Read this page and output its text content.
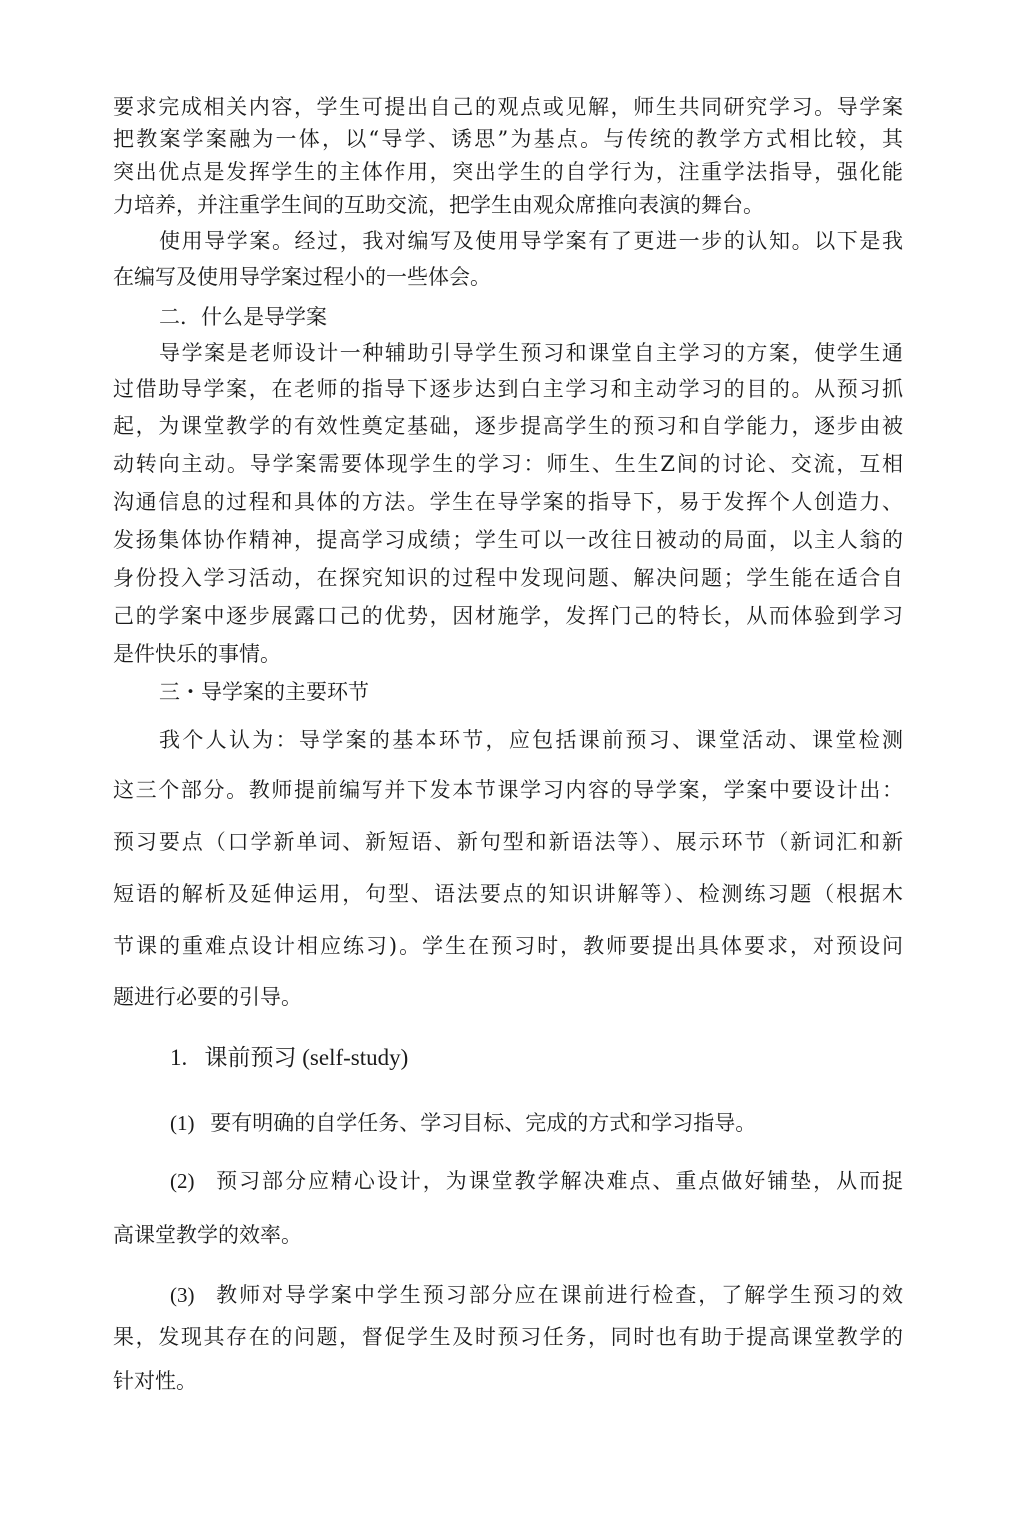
要求完成相关内容，学生可提出自己的观点或见解，师生共同研究学习。导学案
把教案学案融为一体，以“导学、诱思”为基点。与传统的教学方式相比较，其
突出优点是发挥学生的主体作用，突出学生的自学行为，注重学法指导，强化能
力培养，并注重学生间的互助交流，把学生由观众席推向表演的舞台。
使用导学案。经过，我对编写及使用导学案有了更进一步的认知。以下是我
在编写及使用导学案过程小的一些体会。
二．什么是导学案
导学案是老师设计一种辅助引导学生预习和课堂自主学习的方案，使学生通
过借助导学案，在老师的指导下逐步达到白主学习和主动学习的目的。从预习抓
起，为课堂教学的有效性奠定基础，逐步提高学生的预习和自学能力，逐步由被
动转向主动。导学案需要体现学生的学习：师生、生生Z间的讨论、交流，互相
沟通信息的过程和具体的方法。学生在导学案的指导下，易于发挥个人创造力、
发扬集体协作精神，提高学习成绩；学生可以一改往日被动的局面，以主人翁的
身份投入学习活动，在探究知识的过程中发现问题、解决问题；学生能在适合自
己的学案中逐步展露口己的优势，因材施学，发挥门己的特长，从而体验到学习
是件快乐的事情。
三・导学案的主要环节
我个人认为：导学案的基本环节，应包括课前预习、课堂活动、课堂检测
这三个部分。教师提前编写并下发本节课学习内容的导学案，学案中要设计出：
预习要点（口学新单词、新短语、新句型和新语法等）、展示环节（新词汇和新
短语的解析及延伸运用，句型、语法要点的知识讲解等）、检测练习题（根据木
节课的重难点设计相应练习)。学生在预习时，教师要提出具体要求，对预设问
题进行必要的引导。
1.   课前预习 (self-study)
(1)   要有明确的自学任务、学习目标、完成的方式和学习指导。
(2)   预习部分应精心设计，为课堂教学解决难点、重点做好铺垫，从而捉
高课堂教学的效率。
(3)   教师对导学案中学生预习部分应在课前进行检查，了解学生预习的效
果，发现其存在的问题，督促学生及时预习任务，同时也有助于提高课堂教学的
针对性。
